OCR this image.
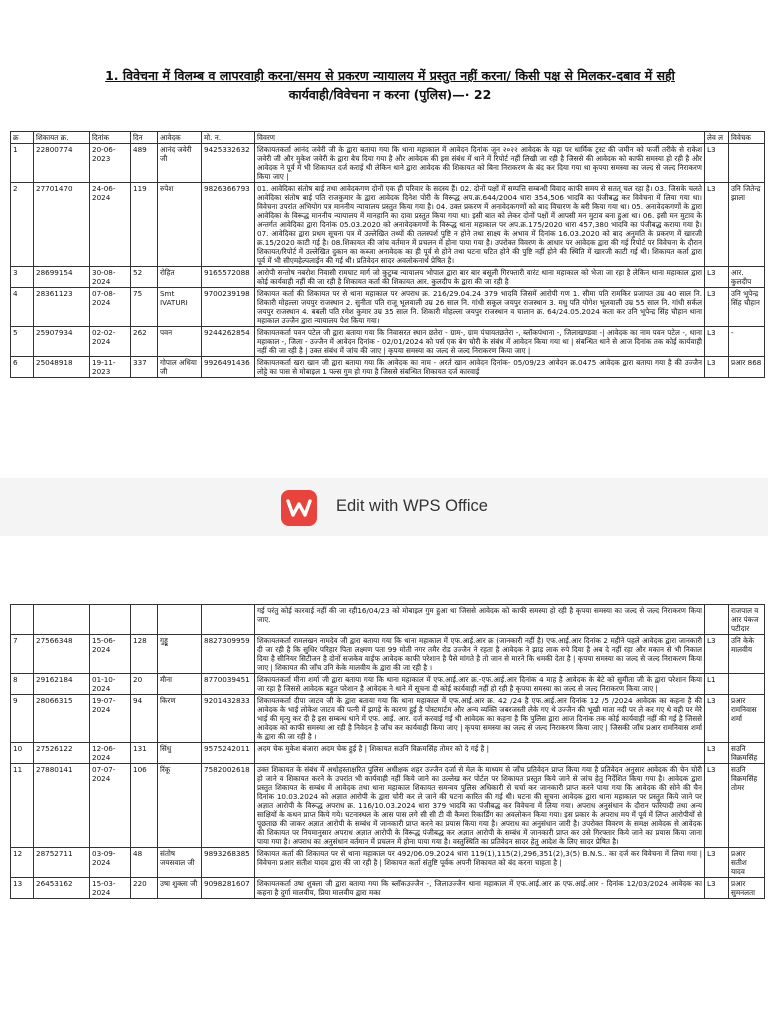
1. विवेचना में विलम्ब व लापरवाही करना/समय से प्रकरण न्यायालय में प्रस्तुत नहीं करना/ किसी पक्ष से मिलकर-दबाव में सही
कार्यवाही/विवेचना न करना (पुलिस)—· 22
क्र	शिकायत क्र.	दिनांक	दिन	आवेदक	मो. न.	विवरण	लेव ल	विवेचक
1	22800774	20-06-2023	489	आनंद जवेरी जी	9425332632	शिकायतकर्ता आनंद जवेरी जी के द्वारा बताया गया कि थाना महाकाल में आवेदन दिनांक जून २०२२ आवेदक के यहा पर धार्मिक ट्रस्ट की जमीन को फर्जी तरीके से राकेश जवेरी जी और मुकेश जवेरी के द्वारा बेच दिया गया है और आवेदक की इस संबंध में थाने में रिपोर्ट नहीं लिखी जा रही है जिससे की आवेदक को काफी समस्या हो रही है और आवेदक ने पूर्व में भी शिकायत दर्ज कराई थी लेकिन थाने द्वारा आवेदक की शिकायत को बिना निराकरण के बंद कर दिया गया था कृपया समस्या का जल्द से जल्द निराकरण किया जाए |	L3	
2	27701470	24-06-2024	119	रुपेश	9826366793	01. आवेदिका संतोष बाई तथा आवेदकगण दोनों एक ही परिवार के सदस्य हैं। 02. दोनों पक्षों में सम्पत्ति सम्बन्धी विवाद काफी समय से सतत् चल रहा है। 03. जिसके चलते आवेदिका संतोष बाई पति राजकुमार के द्वारा आवेदक दिनेश पोरी के विरूद्ध अप.क्र.644/2004 धारा 354,506 भादवि का पंजीबद्ध कर विवेचना में लिया गया था। विवेचना उपरांत अभियोग पत्र माननीय न्यायालय प्रस्तुत किया गया है। 04. उक्त प्रकरण में अनावेदकगणों को बाद विचारण के बरी किया गया था। 05. अनावेदकगणों के द्वारा आवेदिका के विरूद्ध माननीय न्यायालय में मानहानि का दावा प्रस्तुत किया गया था। इसी बात को लेकर दोनों पक्षों में आपसी मन मुटाव बना हुआ था। 06. इसी मन मुटाव के अन्तर्गत आवेदिका द्वारा दिनांक 05.03.2020 को अनावेदकगणों के विरूद्ध थाना महाकाल पर अप.क्र.175/2020 धारा 457,380 भादवि का पंजीबद्ध कराया गया है। 07. आवेदिका द्वारा प्रथम सूचना पत्र में उल्लेखित तथ्यों की तलस्पर्श पुष्टि न होने तथा साक्ष्य के अभाव में दिनांक 16.03.2020 को बाद अनुमति के प्रकरण में खारजी क्र.15/2020 काटी गई है। 08.शिकायत की जांच वर्तमान में प्रचलन में होना पाया गया है। उपरोक्त विवरण के आधार पर आवेदक द्वारा की गई रिपोर्ट पर विवेचना के दौरान शिकायत/रिपोर्ट में उल्लेखित दुकान का कब्जा अनावेदक का ही पूर्व से होने तथा घटना घटित होने की पुष्टि नहीं होने की स्थिति में खारजी काटी गई थी। शिकायत कर्ता द्वारा पूर्व में भी सीएमहेल्पलाईन की गई थी। प्रतिवेदन सादर अवलोकनार्थ प्रेषित है।	L3	उनि जितेन्द्र झाला
3	28699154	30-08-2024	52	रोहित	9165572088	आरोपी सन्तोष नबरोश निवासी रामघाट मार्ग जो कुटुम्ब न्यायालय भोपाल द्वारा बार बार बसूली गिरफ्तारी वारंट थाना महाकाल को भेजा जा रहा है लेकिन थाना महाकाल द्वारा कोई कार्यवाही नहीं की जा रही है शिकायत कर्ता की शिकायत आर. कुलदीप के द्वारा की जा रही है	L3	आर. कुलदीप
4	28361123	07-08-2024	75	Smt IVATURI	9700239198	शिकायत कर्ता की शिकायत पर से थाना महाकाल पर अपराध क्र. 216/29.04.24 379 भादवि जिसमें आरोपी गण 1. सीमा पति रामकिर प्रजापत उम्र 40 साल नि. शिकारी मोहल्ला जयपुर राजस्थान 2. सुनीता पति राजू भूलवाली उम्र 26 साल नि. गांधी सकूल जयपुर राजस्थान 3. मधु पति योगेश भूलवाली उम्र 55 साल नि. गांधी सर्कल जयपुर राजस्थान 4. बबली पति रमेश कुमार उम्र 35 साल नि. शिकारी मोहल्ला जयपुर राजस्थान व चालान क्र. 64/24.05.2024 कता कर उनि भूपेन्द्र सिंह चौहान थाना महाकाल उज्जैन द्वारा न्यायालय पेश किया गया।	L3	उनि भूपेन्द्र सिंह चौहान
5	25907934	02-02-2024	262	पवन	9244262854	शिकायतकर्ता पवन पटेल जी द्वारा बताया गया कि निवासरत स्थान छतेरा - ग्राम-, ग्राम पंचायतछतेरा -, ब्लॉकपंथाना -, जिलाखण्डवा -| आवेदक का नाम पवन पटेल -, थाना महाकाल -, जिला - उज्जैन में आवेदन दिनांक - 02/01/2024 को पर्स एक बेग चोरी के संबंध में आवेदन किया गया था | संबन्धित थाने से आज दिनांक तक कोई कार्यवाही नहीं की जा रही है | उक्त संबंध में जांच की जाए | कृपया समस्या का जल्द से जल्द निराकरण किया जाए |	L3	-
6	25048918	19-11-2023	337	गोपाल अधिया जी	9926491436	शिकायतकर्ता खरा खान जी द्वारा बताया गया कि आवेदक का नाम - अरर्त खान आवेदन दिनांक- 05/09/23 आवेदन क्र.0475 आवेदक द्वारा बताया गया है की उज्जैन लोट्टे का पास से मोबाइल 1 पल्स गुम हो गया है जिससे संबन्धित शिकायत दर्ज कारवाई	L3	प्रआर 868
Edit with WPS Office
						गई परंतु कोई कारवाई नहीं की जा रही16/04/23 को मोबाइल गुम हुआ था जिससे आवेदक को काफी समस्या हो रही है कृपया समस्या का जल्द से जल्द निराकरण किया जाए.		राजपाल व आर पंकज पटीदार
7	27566348	15-06-2024	128	गुड्डू	8827309959	शिकायतकर्ता रामलखन नामदेव जी द्वारा बताया गया कि थाना महाकाल में एफ.आई.आर क्र (जानकारी नहीं है) एफ.आई.आर दिनांक 2 महीने पहले आवेदक द्वारा जानकारी दी जा रही है कि सुधिर परिहार पिता लक्ष्मण पता 99 मोती नगर तमैर रोड उज्जैन ने रहता है आवेदक ने झाड़ लाक रुपे दिया है अब दे नहीं रहा और मकान से भी निकाल दिया है सीनियर सिटीजन है दोनों सजकेव वाईफ आवेदक काफी परेशान है पैसे मांगते है तो जान से मारने कि धमकी देता है | कृपया समस्या का जल्द से जल्द निराकरण किया जाए | शिकायत की जाँच उनि केके मालवीय के द्वारा की जा रही है ।	L3	उनि केके मालवीय
8	29162184	01-10-2024	20	मीना	8770039451	शिकायतकर्ता मीना शर्मा जी द्वारा बताया गया कि थाना महाकाल में एफ.आई.आर क्र.-एफ.आई.आर दिनांक 4 माह है आवेदक के बेटे को सुमीता जी के द्वारा परेशान किया जा रहा है जिससे आवेदक बहुत परेशान है आवेदक ने थाने में सूचना दी कोई कार्यवाही नहीं हो रही है कृपया समस्या का जल्द से जल्द निराकरण किया जाए |	L1	
9	28066315	19-07-2024	94	किरण	9201432833	शिकायतकर्ता दीपा जाटव जी के द्वारा बताया गया कि थाना महाकाल में एफ.आई.आर क्र. 42 /24 है एफ.आई.आर दिनांक 12 /5 /2024 आवेदक का कहना है की आवेदक के भाई लोकेश जाटव की पत्नी में झगड़े के कारण हुई है पोस्टमार्टम और अन्य व्यक्ति जबरजस्ती लेके गए थे उज्जैन की भूखी माता नदी पर ले कर गए थे वही पर मेरे भाई की मृत्यु कर दी है इस सम्बन्ध थाने में एफ. आई. आर. दर्ज करवाई गई थी आवेदक का कहना है कि पुलिस द्वारा आज दिनांक तक कोई कार्यवाही नहीं की गई है जिससे आवेदक को काफी समस्या आ रही है निवेदन है जाँच कर कार्यवाही किया जाए | कृपया समस्या का जल्द से जल्द निराकरण किया जाए | जिसकी जाँच प्रआर रामनिवास शर्मा के द्वारा की जा रही है ।	L3	प्रआर रामनिवास शर्मा
10	27526122	12-06-2024	131	सिंधु	9575242011	अदम चेक मुकेश बंजारा अदम चेक हुई है | शिकायत सउनि विक्रमसिंह तोमर को दे गई है |	L3	सउनि विक्रमसिंह
11	27880141	07-07-2024	106	रिंकू	7582002618	उक्त शिकायत के संबंध में अधोहस्ताक्षरित पुलिस अधीक्षक शहर उज्जैन दर्जा से मेल के माध्यम से जाँच प्रतिवेदन प्राप्त किया गया है प्रतिवेदन अनुसार आवेदक की चेन चोरी हो जाने व शिकायत करने के उपरांत भी कार्यवाही नहीं किये जाने का उल्लेख कर पोर्टल पर शिकायत प्रस्तुत किये जाने से जांच हेतु निर्देशित किया गया है। आवेदक द्वारा प्रस्तुत शिकायत के सम्बंध में आवेदक तथा थाना महाकाल शिकायत समन्वय पुलिस अधिकारी से चर्चा कर जानकारी प्राप्त करने पाया गया कि आवेदक की सोने की चैन दिनांक 10.03.2024 को अज्ञात आरोपी के द्वारा चोरी कर ले जाने की घटना कारित की गई थी। घटना की सूचना आवेदक द्वारा थाना महाकाल पर प्रस्तुत किये जाने पर अज्ञात आरोपी के विरूद्ध अपराध क्र. 116/10.03.2024 धारा 379 भादवि का पंजीबद्ध कर विवेचना में लिया गया। अपराध अनुसंधान के दौरान फरियादी तथा अन्य साक्षियों के कथन प्राप्त किये गये। घटनास्थल के आस पास लगे सी सी टी वी कैमरा रिकार्डिंग का अवलोकन किया गया। इस प्रकार के अपराध मय में पूर्व में लिप्त आरोपीयों से पूछताछ की जाकर अज्ञात आरोपी के सम्बंध में जानकारी प्राप्त करने का प्रयास किया गया है। अपराध का अनुसंधान जारी है। उपरोक्त विवरण के समक्ष आवेदक से आवेदक की शिकायत पर नियमानुसार अपराध अज्ञात आरोपी के विरूद्ध पंजीबद्ध कर अज्ञात आरोपी के सम्बंध में जानकारी प्राप्त कर उसे गिरफ्तार किये जाने का प्रयास किया जाना पाया गया है। अपराध का अनुसंधान वर्तमान में प्रचलन में होना पाया गया है। वस्तुस्थिति का प्रतिवेदन सादर हेतु आदेश के लिए सादर प्रेषित है।	L3	सउनि विक्रमसिंह तोमर
12	28752711	03-09-2024	48	संतोष जयसवाल जी	9893268385	शिकायत कर्ता की शिकायत पर से थाना महाकाल पर 492/06.09.2024 धारा 119(1),115(2),296,351(2),3(5) B.N.S.. का दर्ज कर विवेचना में लिया गया | विवेचना प्रआर सतीश यादव द्वारा की जा रही है | शिकायत कर्ता संतुष्टि पूर्वक अपनी शिकायत को बंद करना चाहता है |	L3	प्रआर सतीश यादव
13	26453162	15-03-2024	220	उषा शुक्ला जी	9098281607	शिकायतकर्ता उषा शुक्ला जी द्वारा बताया गया कि ब्लॉकउज्जैन -, जिलाउज्जैन थाना महाकाल में एफ.आई.आर क्र एफ.आई.आर - दिनांक 12/03/2024 आवेदक का कहना है दुर्गा मालवीय, प्रिया मालवीय द्वारा मका	L3	प्रआर सुमनलता
